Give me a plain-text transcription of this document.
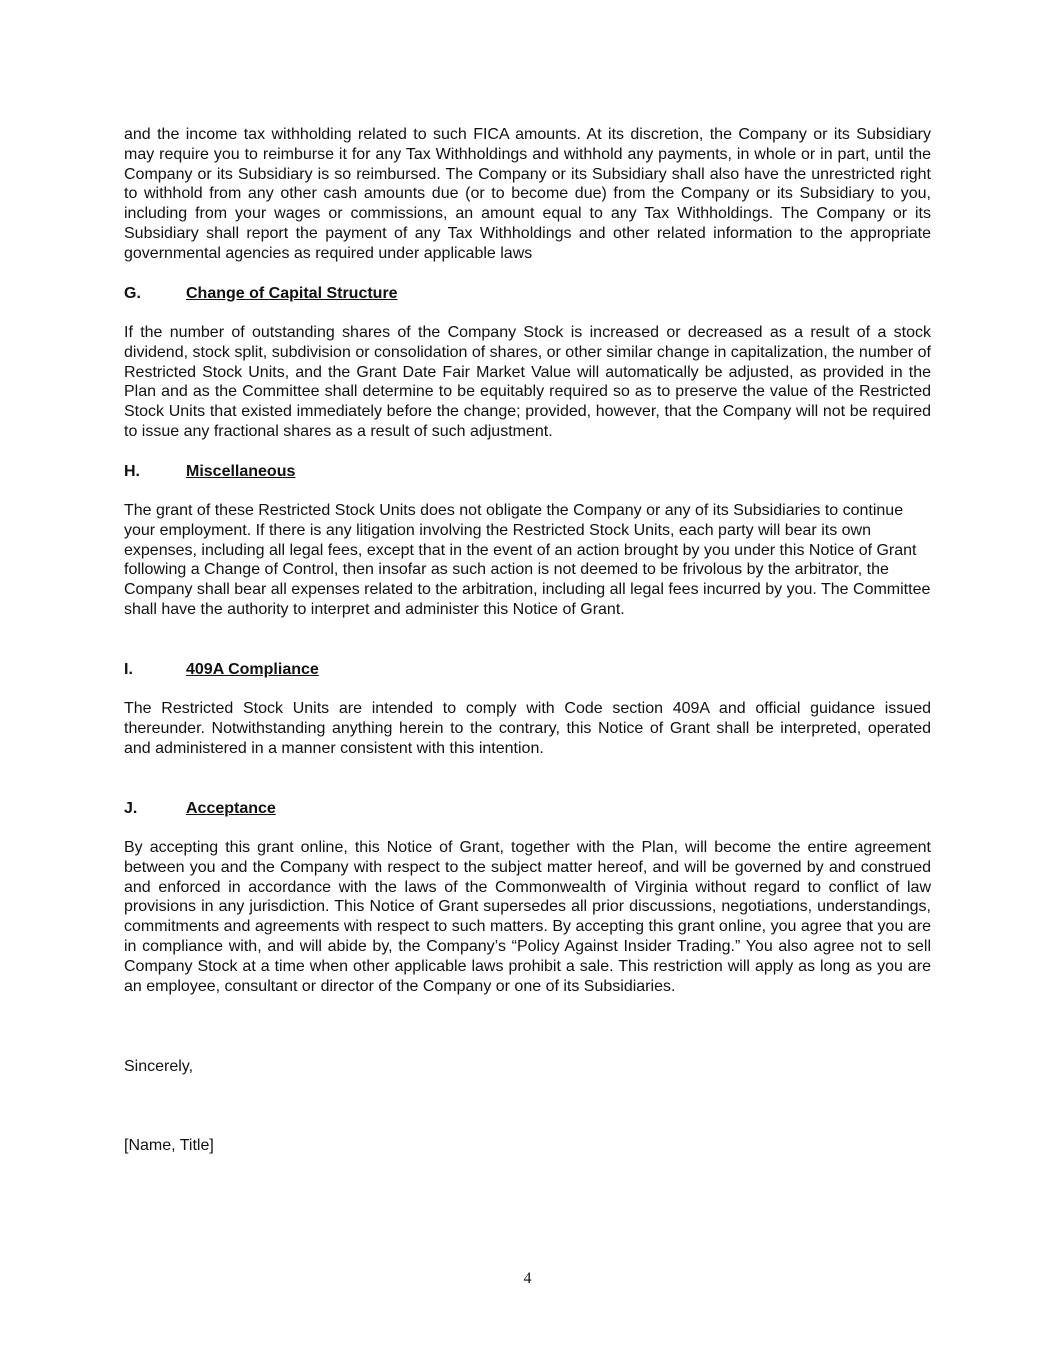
and the income tax withholding related to such FICA amounts. At its discretion, the Company or its Subsidiary may require you to reimburse it for any Tax Withholdings and withhold any payments, in whole or in part, until the Company or its Subsidiary is so reimbursed. The Company or its Subsidiary shall also have the unrestricted right to withhold from any other cash amounts due (or to become due) from the Company or its Subsidiary to you, including from your wages or commissions, an amount equal to any Tax Withholdings. The Company or its Subsidiary shall report the payment of any Tax Withholdings and other related information to the appropriate governmental agencies as required under applicable laws

G.	Change of Capital Structure

If the number of outstanding shares of the Company Stock is increased or decreased as a result of a stock dividend, stock split, subdivision or consolidation of shares, or other similar change in capitalization, the number of Restricted Stock Units, and the Grant Date Fair Market Value will automatically be adjusted, as provided in the Plan and as the Committee shall determine to be equitably required so as to preserve the value of the Restricted Stock Units that existed immediately before the change; provided, however, that the Company will not be required to issue any fractional shares as a result of such adjustment.

H.	Miscellaneous

The grant of these Restricted Stock Units does not obligate the Company or any of its Subsidiaries to continue your employment. If there is any litigation involving the Restricted Stock Units, each party will bear its own expenses, including all legal fees, except that in the event of an action brought by you under this Notice of Grant following a Change of Control, then insofar as such action is not deemed to be frivolous by the arbitrator, the Company shall bear all expenses related to the arbitration, including all legal fees incurred by you. The Committee shall have the authority to interpret and administer this Notice of Grant.

I.	409A Compliance

The Restricted Stock Units are intended to comply with Code section 409A and official guidance issued thereunder. Notwithstanding anything herein to the contrary, this Notice of Grant shall be interpreted, operated and administered in a manner consistent with this intention.

J.	Acceptance

By accepting this grant online, this Notice of Grant, together with the Plan, will become the entire agreement between you and the Company with respect to the subject matter hereof, and will be governed by and construed and enforced in accordance with the laws of the Commonwealth of Virginia without regard to conflict of law provisions in any jurisdiction. This Notice of Grant supersedes all prior discussions, negotiations, understandings, commitments and agreements with respect to such matters. By accepting this grant online, you agree that you are in compliance with, and will abide by, the Company’s “Policy Against Insider Trading.” You also agree not to sell Company Stock at a time when other applicable laws prohibit a sale. This restriction will apply as long as you are an employee, consultant or director of the Company or one of its Subsidiaries.

Sincerely,

[Name, Title]

4
